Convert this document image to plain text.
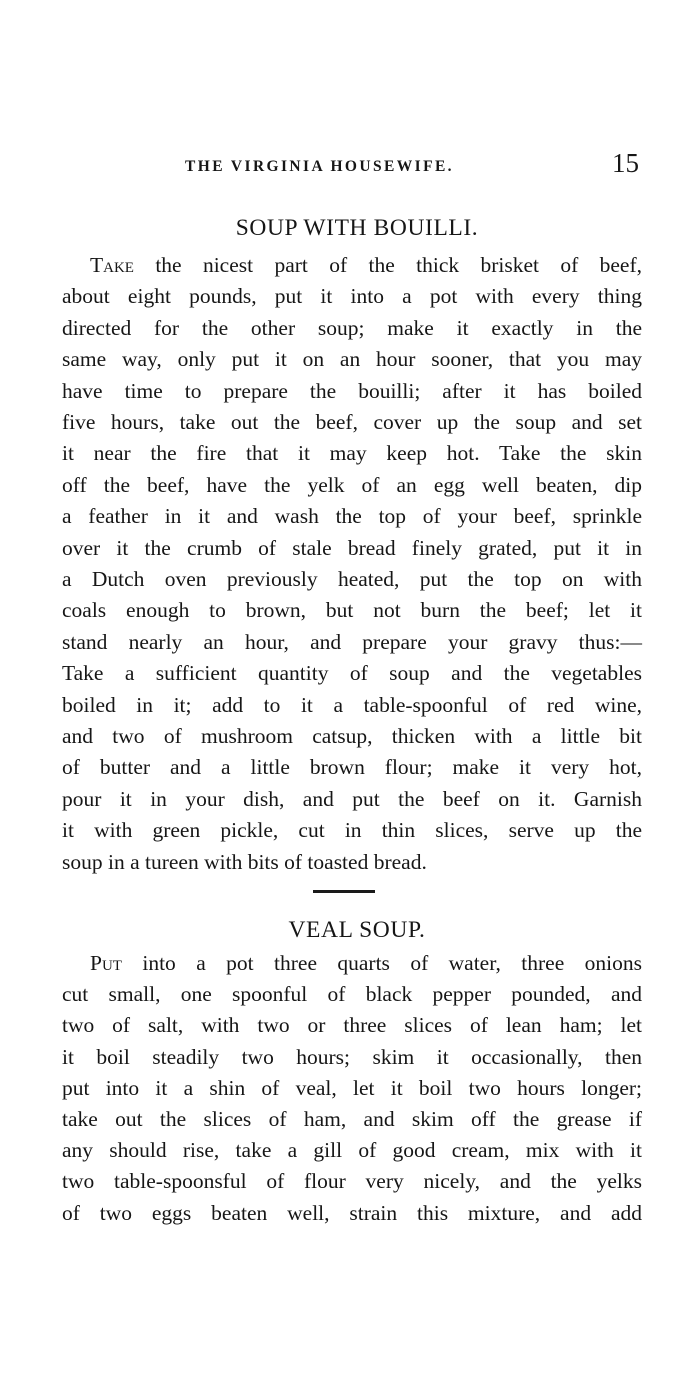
THE VIRGINIA HOUSEWIFE.	15
SOUP WITH BOUILLI.
Take the nicest part of the thick brisket of beef,
about eight pounds, put it into a pot with every thing
directed for the other soup; make it exactly in the
same way, only put it on an hour sooner, that you may
have time to prepare the bouilli; after it has boiled
five hours, take out the beef, cover up the soup and set
it near the fire that it may keep hot. Take the skin
off the beef, have the yelk of an egg well beaten, dip
a feather in it and wash the top of your beef, sprinkle
over it the crumb of stale bread finely grated, put it in
a Dutch oven previously heated, put the top on with
coals enough to brown, but not burn the beef; let it
stand nearly an hour, and prepare your gravy thus:—
Take a sufficient quantity of soup and the vegetables
boiled in it; add to it a table-spoonful of red wine,
and two of mushroom catsup, thicken with a little bit
of butter and a little brown flour; make it very hot,
pour it in your dish, and put the beef on it. Garnish
it with green pickle, cut in thin slices, serve up the
soup in a tureen with bits of toasted bread.
VEAL SOUP.
Put into a pot three quarts of water, three onions
cut small, one spoonful of black pepper pounded, and
two of salt, with two or three slices of lean ham; let
it boil steadily two hours; skim it occasionally, then
put into it a shin of veal, let it boil two hours longer;
take out the slices of ham, and skim off the grease if
any should rise, take a gill of good cream, mix with it
two table-spoonsful of flour very nicely, and the yelks
of two eggs beaten well, strain this mixture, and add
